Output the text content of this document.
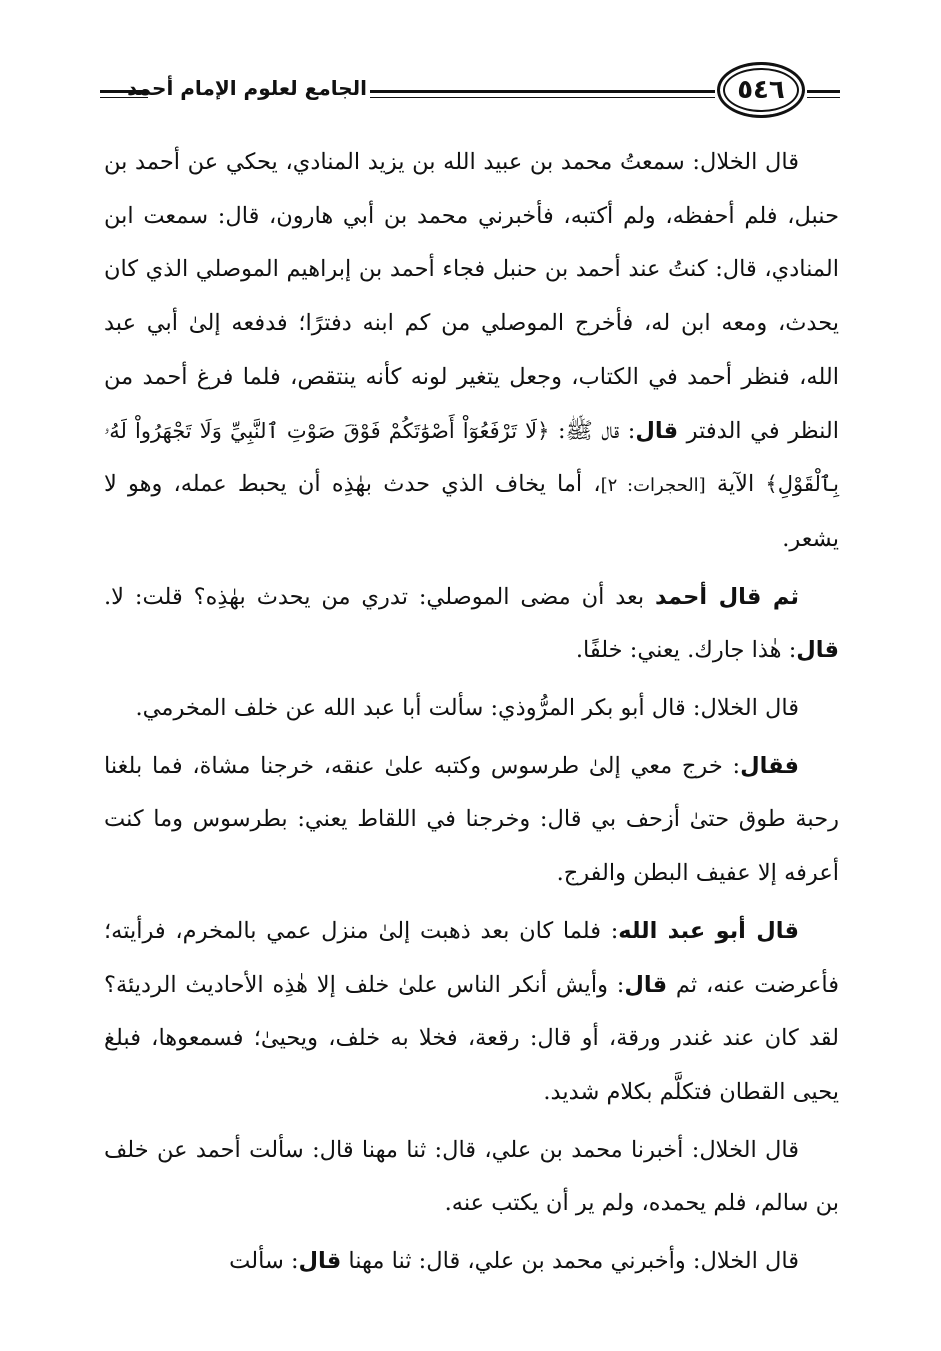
الجامع لعلوم الإمام أحمد	٥٤٦

قال الخلال: سمعتُ محمد بن عبيد الله بن يزيد المنادي، يحكي عن أحمد بن حنبل، فلم أحفظه، ولم أكتبه، فأخبرني محمد بن أبي هارون، قال: سمعت ابن المنادي، قال: كنتُ عند أحمد بن حنبل فجاء أحمد بن إبراهيم الموصلي الذي كان يحدث، ومعه ابن له، فأخرج الموصلي من كم ابنه دفترًا؛ فدفعه إلىٰ أبي عبد الله، فنظر أحمد في الكتاب، وجعل يتغير لونه كأنه ينتقص، فلما فرغ أحمد من النظر في الدفتر قال: قال ﷺ: ﴿لَا تَرْفَعُوٓاْ أَصْوَٰتَكُمْ فَوْقَ صَوْتِ ٱلنَّبِيِّ وَلَا تَجْهَرُواْ لَهُۥ بِٱلْقَوْلِ﴾ الآية [الحجرات: ٢]، أما يخاف الذي حدث بهٰذِه أن يحبط عمله، وهو لا يشعر.

ثم قال أحمد بعد أن مضى الموصلي: تدري من يحدث بهٰذِه؟ قلت: لا. قال: هٰذا جارك. يعني: خلفًا.

قال الخلال: قال أبو بكر المرُّوذي: سألت أبا عبد الله عن خلف المخرمي.

فقال: خرج معي إلىٰ طرسوس وكتبه علىٰ عنقه، خرجنا مشاة، فما بلغنا رحبة طوق حتىٰ أزحف بي قال: وخرجنا في اللقاط يعني: بطرسوس وما كنت أعرفه إلا عفيف البطن والفرج.

قال أبو عبد الله: فلما كان بعد ذهبت إلىٰ منزل عمي بالمخرم، فرأيته؛ فأعرضت عنه، ثم قال: وأيش أنكر الناس علىٰ خلف إلا هٰذِه الأحاديث الرديئة؟ لقد كان عند غندر ورقة، أو قال: رقعة، فخلا به خلف، ويحيىٰ؛ فسمعوها، فبلغ يحيى القطان فتكلَّم بكلام شديد.

قال الخلال: أخبرنا محمد بن علي، قال: ثنا مهنا قال: سألت أحمد عن خلف بن سالم، فلم يحمده، ولم ير أن يكتب عنه.

قال الخلال: وأخبرني محمد بن علي، قال: ثنا مهنا قال: سألت
